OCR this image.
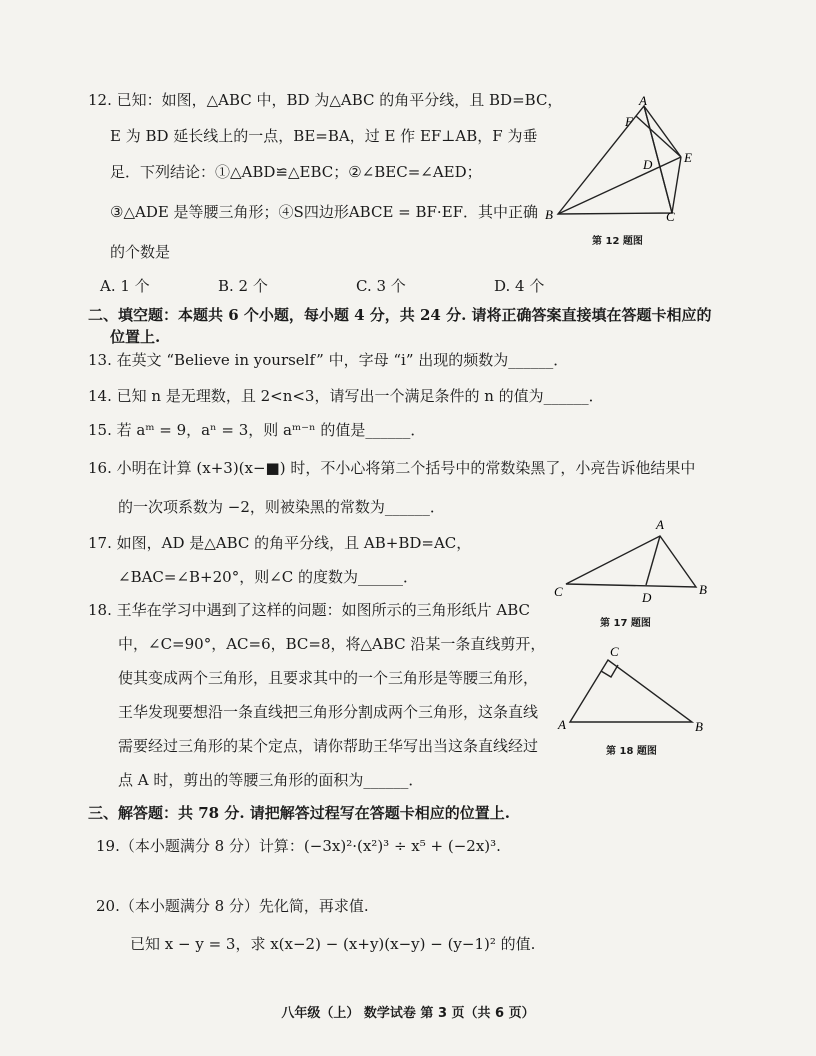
12. 已知：如图，△ABC 中，BD 为△ABC 的角平分线，且 BD=BC，
E 为 BD 延长线上的一点，BE=BA，过 E 作 EF⊥AB，F 为垂
足．下列结论：①△ABD≌△EBC；②∠BEC=∠AED；
③△ADE 是等腰三角形；④S四边形ABCE = BF·EF．其中正确
的个数是
A. 1 个	B. 2 个	C. 3 个	D. 4 个
A
F
D E
B	C
第 12 题图
二、填空题：本题共 6 个小题，每小题 4 分，共 24 分. 请将正确答案直接填在答题卡相应的
位置上.
13. 在英文 “Believe in yourself” 中，字母 “i” 出现的频数为______．
14. 已知 n 是无理数，且 2<n<3，请写出一个满足条件的 n 的值为______．
15. 若 aᵐ = 9，aⁿ = 3，则 aᵐ⁻ⁿ 的值是______．
16. 小明在计算 (x+3)(x−■) 时，不小心将第二个括号中的常数染黑了，小亮告诉他结果中
的一次项系数为 −2，则被染黑的常数为______．
17. 如图，AD 是△ABC 的角平分线，且 AB+BD=AC，
∠BAC=∠B+20°，则∠C 的度数为______．
A
C	D
B
第 17 题图
18. 王华在学习中遇到了这样的问题：如图所示的三角形纸片 ABC
中，∠C=90°，AC=6，BC=8，将△ABC 沿某一条直线剪开，
使其变成两个三角形，且要求其中的一个三角形是等腰三角形，
王华发现要想沿一条直线把三角形分割成两个三角形，这条直线
需要经过三角形的某个定点，请你帮助王华写出当这条直线经过
点 A 时，剪出的等腰三角形的面积为______．
C
A	B
第 18 题图
三、解答题：共 78 分. 请把解答过程写在答题卡相应的位置上.
19.（本小题满分 8 分）计算：(−3x)²·(x²)³ ÷ x⁵ + (−2x)³.
20.（本小题满分 8 分）先化简，再求值.
已知 x − y = 3，求 x(x−2) − (x+y)(x−y) − (y−1)² 的值.
八年级（上） 数学试卷 第 3 页（共 6 页）
